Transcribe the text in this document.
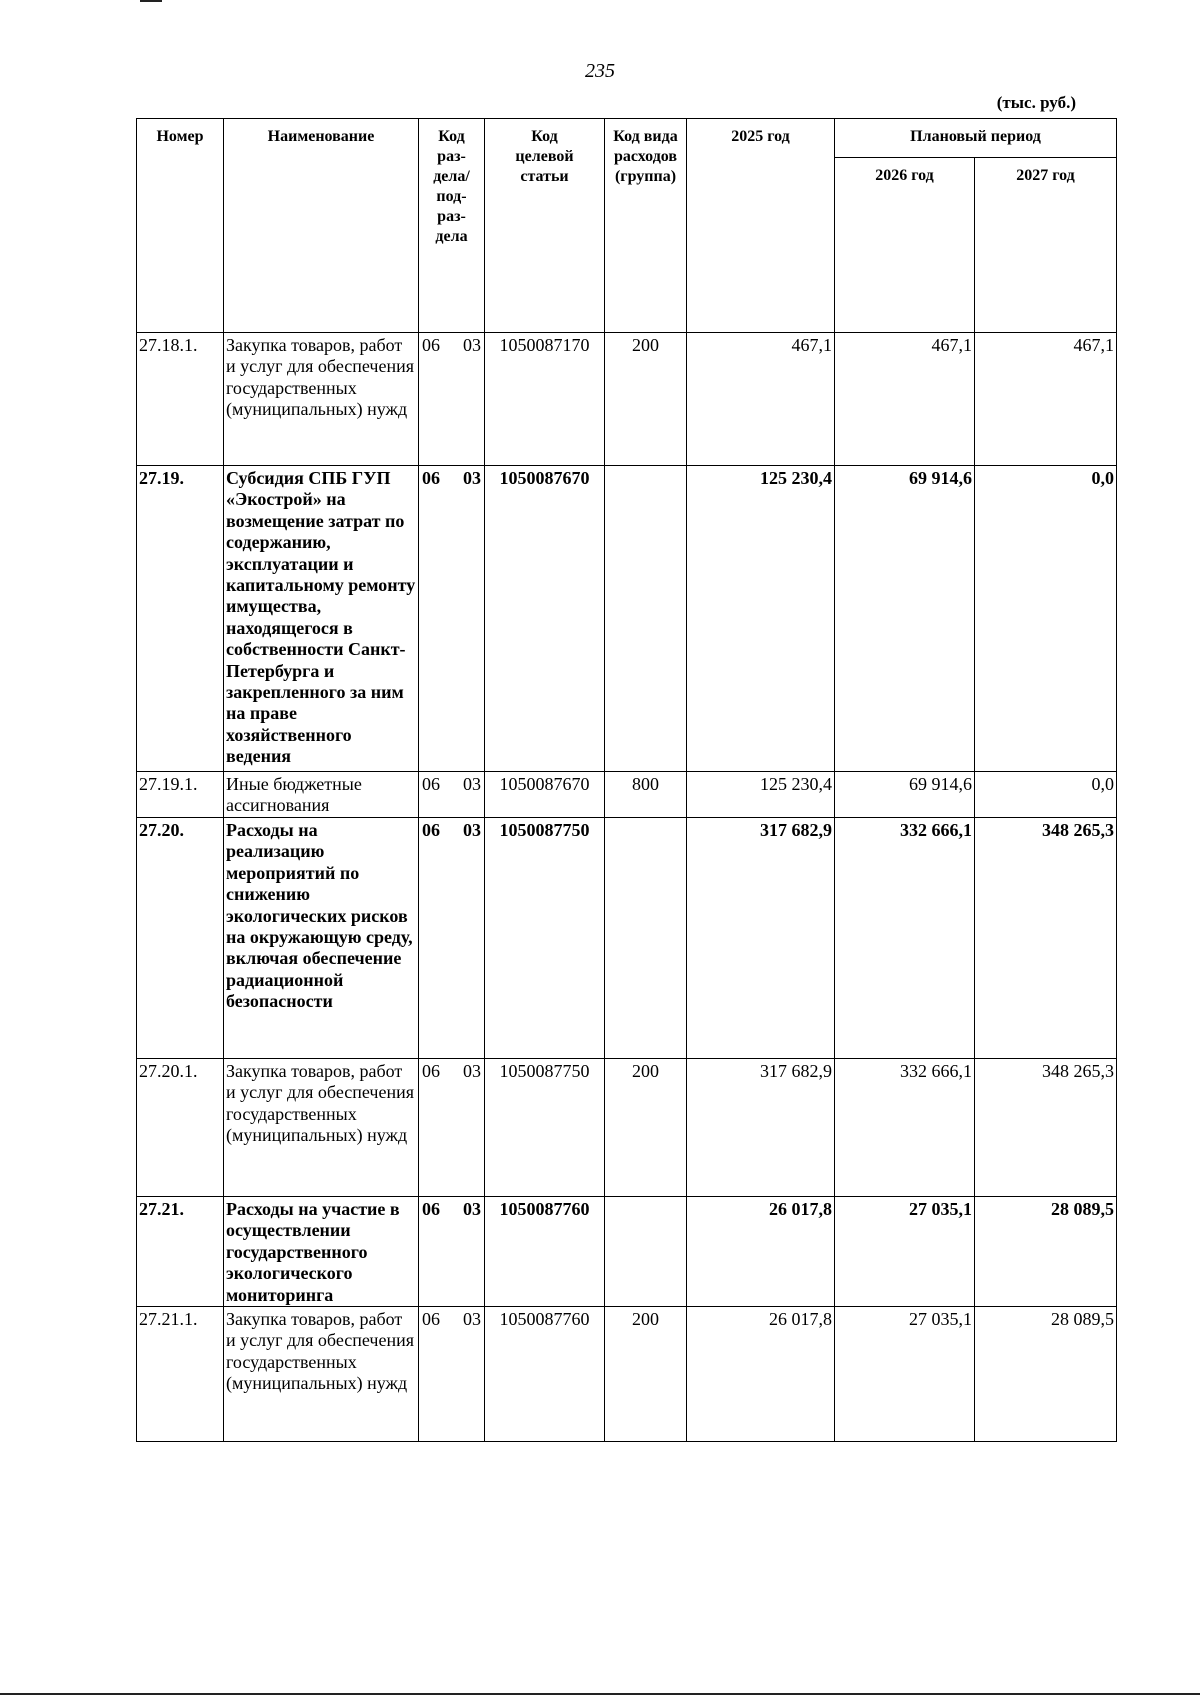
235
(тыс. руб.)
Номер	Наименование	Код раз-дела/ под-раз-дела	Код целевой статьи	Код вида расходов (группа)	2025 год	Плановый период	
						2026 год	2027 год
27.18.1.	Закупка товаров, работ и услуг для обеспечения государственных (муниципальных) нужд	06 03	1050087170	200	467,1	467,1	467,1
27.19.	Субсидия СПБ ГУП «Экострой» на возмещение затрат по содержанию, эксплуатации и капитальному ремонту имущества, находящегося в собственности Санкт-Петербурга и закрепленного за ним на праве хозяйственного ведения	06 03	1050087670		125 230,4	69 914,6	0,0
27.19.1.	Иные бюджетные ассигнования	06 03	1050087670	800	125 230,4	69 914,6	0,0
27.20.	Расходы на реализацию мероприятий по снижению экологических рисков на окружающую среду, включая обеспечение радиационной безопасности	06 03	1050087750		317 682,9	332 666,1	348 265,3
27.20.1.	Закупка товаров, работ и услуг для обеспечения государственных (муниципальных) нужд	06 03	1050087750	200	317 682,9	332 666,1	348 265,3
27.21.	Расходы на участие в осуществлении государственного экологического мониторинга	06 03	1050087760		26 017,8	27 035,1	28 089,5
27.21.1.	Закупка товаров, работ и услуг для обеспечения государственных (муниципальных) нужд	06 03	1050087760	200	26 017,8	27 035,1	28 089,5
